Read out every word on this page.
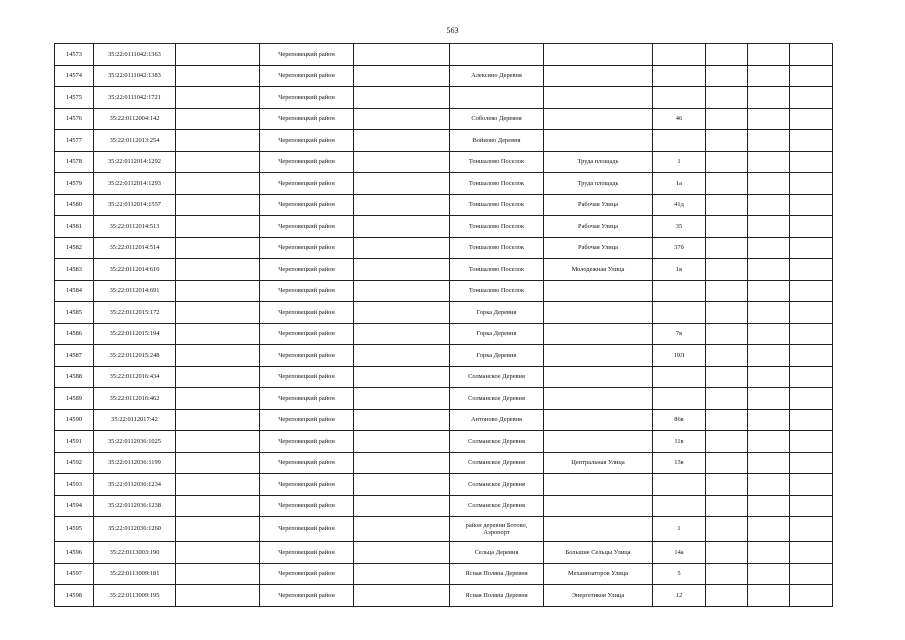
563
14573	35:22:0111042:1363		Череповецкий район							
14574	35:22:0111042:1383		Череповецкий район		Алексино Деревня					
14575	35:22:0111042:1721		Череповецкий район							
14576	35:22:0112004:142		Череповецкий район		Соболево Деревня		46			
14577	35:22:0112013:254		Череповецкий район		Войново Деревня					
14578	35:22:0112014:1292		Череповецкий район		Тоншалово Поселок	Труда площадь	1			
14579	35:22:0112014:1293		Череповецкий район		Тоншалово Поселок	Труда площадь	1а			
14580	35:22:0112014:1557		Череповецкий район		Тоншалово Поселок	Рабочая Улица	41д			
14581	35:22:0112014:513		Череповецкий район		Тоншалово Поселок	Рабочая Улица	35			
14582	35:22:0112014:514		Череповецкий район		Тоншалово Поселок	Рабочая Улица	37б			
14583	35:22:0112014:610		Череповецкий район		Тоншалово Поселок	Молодежная Улица	1в			
14584	35:22:0112014:691		Череповецкий район		Тоншалово Поселок					
14585	35:22:0112015:172		Череповецкий район		Горка Деревня					
14586	35:22:0112015:194		Череповецкий район		Горка Деревня		7в			
14587	35:22:0112015:248		Череповецкий район		Горка Деревня		19Л			
14588	35:22:0112016:434		Череповецкий район		Солманское Деревня					
14589	35:22:0112016:462		Череповецкий район		Солманское Деревня					
14590	35:22:0112017:42		Череповецкий район		Антоново Деревня		86в			
14591	35:22:0112036:1025		Череповецкий район		Солманское Деревня		11в			
14592	35:22:0112036:1199		Череповецкий район		Солманское Деревня	Центральная Улица	13в			
14593	35:22:0112036:1234		Череповецкий район		Солманское Деревня					
14594	35:22:0112036:1238		Череповецкий район		Солманское Деревня					
14595	35:22:0112036:1260		Череповецкий район		район деревни Ботово, Аэропорт		1			
14596	35:22:0113003:190		Череповецкий район		Сельца Деревня	Большие Сельцы Улица	14а			
14597	35:22:0113009:181		Череповецкий район		Ясная Поляна Деревня	Механизаторов Улица	5			
14598	35:22:0113009:195		Череповецкий район		Ясная Поляна Деревня	Энергетиков Улица	12			
